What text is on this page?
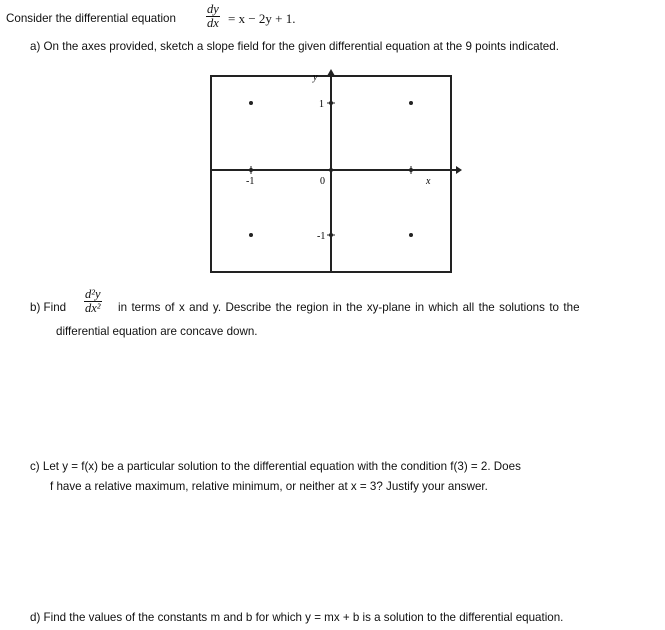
Consider the differential equation $\frac{dy}{dx} = x - 2y + 1$.
a) On the axes provided, sketch a slope field for the given differential equation at the 9 points indicated.
y
x
1
-1
-1	0
b) Find $\frac{\text{d²y}}{\text{dx²}}$ in terms of x and y. Describe the region in the xy-plane in which all the solutions to the
differential equation are concave down.
c) Let y = f(x) be a particular solution to the differential equation with the condition f(3) = 2. Does
f have a relative maximum, relative minimum, or neither at x = 3? Justify your answer.
d) Find the values of the constants m and b for which y = mx + b is a solution to the differential equation.
